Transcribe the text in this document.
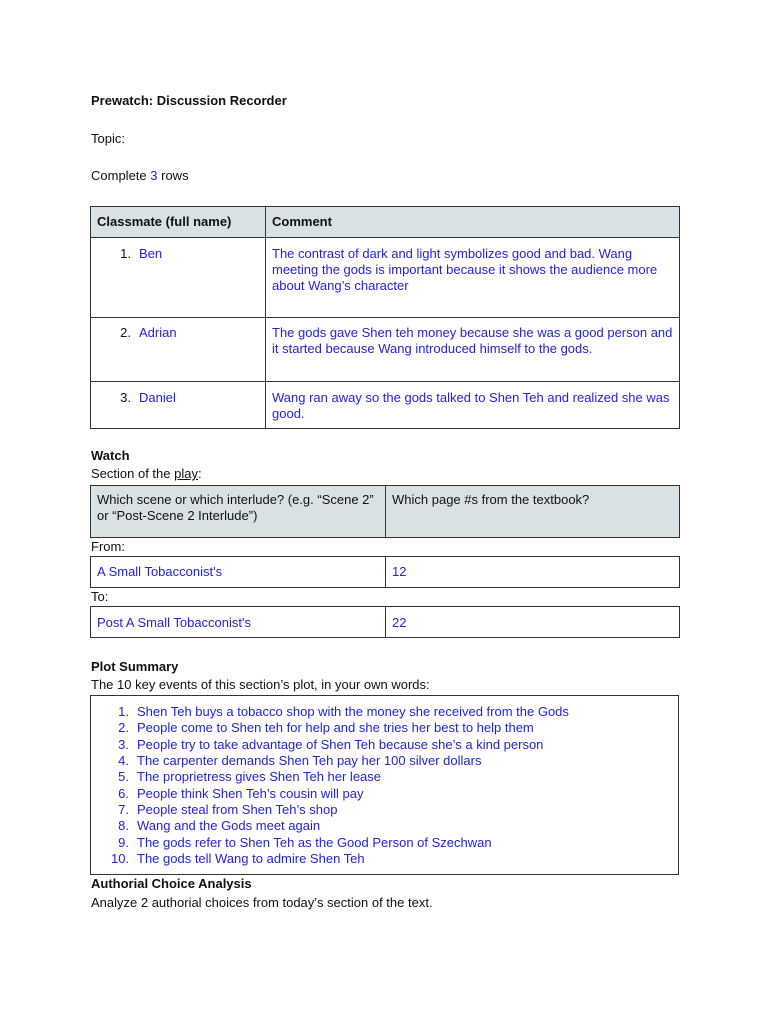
Prewatch: Discussion Recorder
Topic:
Complete 3 rows
Classmate (full name)	Comment
1. Ben	The contrast of dark and light symbolizes good and bad. Wang meeting the gods is important because it shows the audience more about Wang’s character
2. Adrian	The gods gave Shen teh money because she was a good person and it started because Wang introduced himself to the gods.
3. Daniel	Wang ran away so the gods talked to Shen Teh and realized she was good.
Watch
Section of the play:
Which scene or which interlude? (e.g. “Scene 2” or “Post-Scene 2 Interlude”)	Which page #s from the textbook?
From:
A Small Tobacconist's	12
To:
Post A Small Tobacconist's	22
Plot Summary
The 10 key events of this section’s plot, in your own words:
1. Shen Teh buys a tobacco shop with the money she received from the Gods
2. People come to Shen teh for help and she tries her best to help them
3. People try to take advantage of Shen Teh because she’s a kind person
4. The carpenter demands Shen Teh pay her 100 silver dollars
5. The proprietress gives Shen Teh her lease
6. People think Shen Teh’s cousin will pay
7. People steal from Shen Teh’s shop
8. Wang and the Gods meet again
9. The gods refer to Shen Teh as the Good Person of Szechwan
10. The gods tell Wang to admire Shen Teh
Authorial Choice Analysis
Analyze 2 authorial choices from today’s section of the text.
